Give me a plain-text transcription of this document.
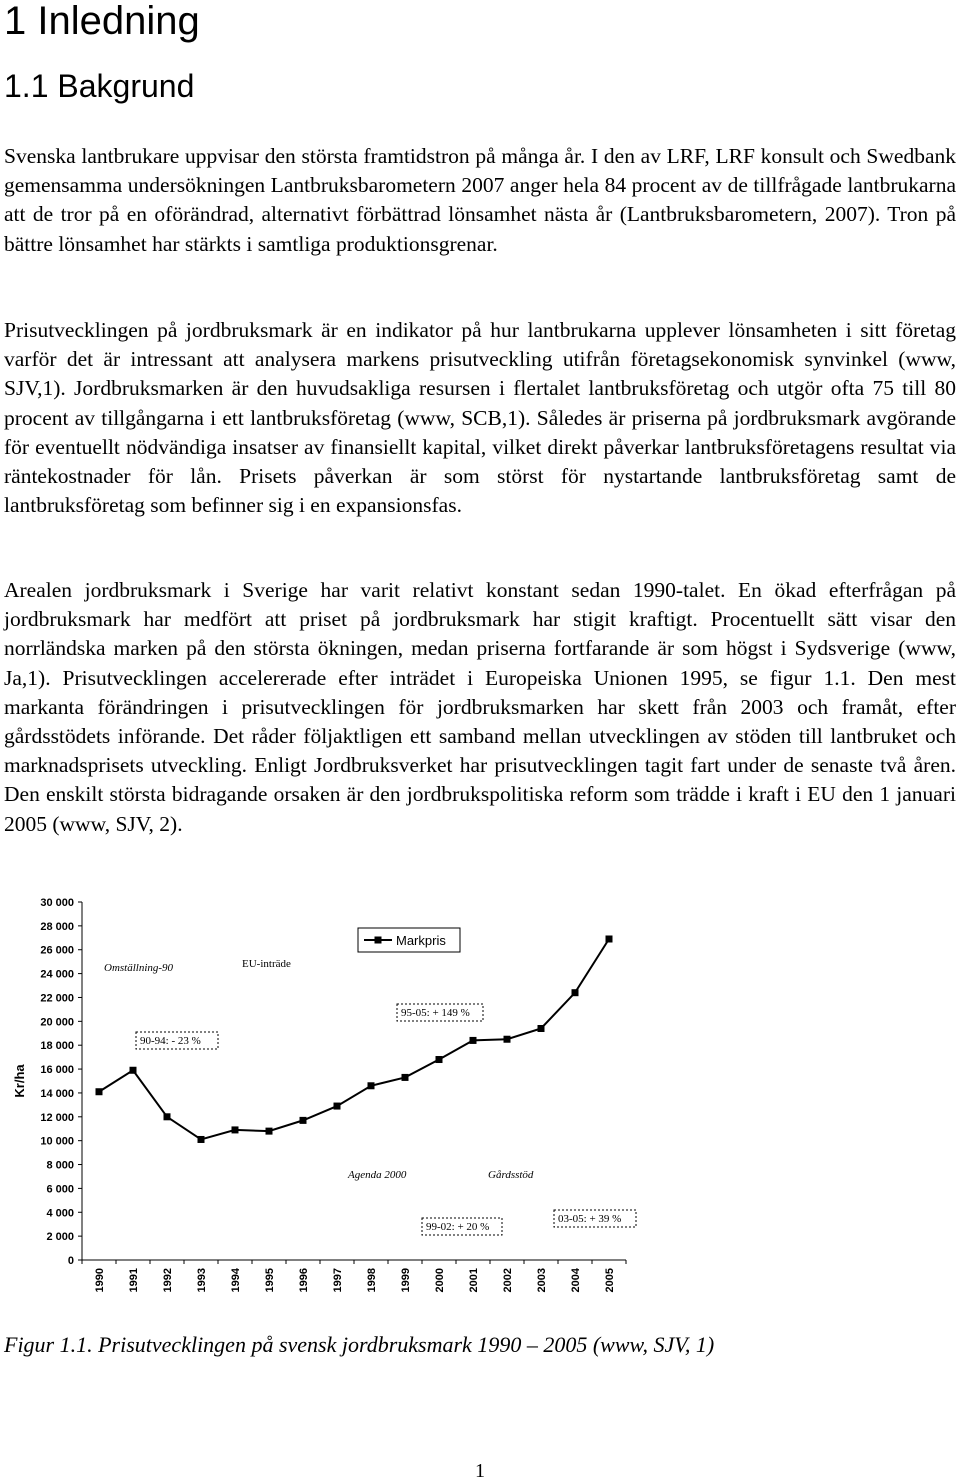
1 Inledning
1.1 Bakgrund

Svenska lantbrukare uppvisar den största framtidstron på många år. I den av LRF, LRF konsult och Swedbank gemensamma undersökningen Lantbruksbarometern 2007 anger hela 84 procent av de tillfrågade lantbrukarna att de tror på en oförändrad, alternativt förbättrad lönsamhet nästa år (Lantbruksbarometern, 2007). Tron på bättre lönsamhet har stärkts i samtliga produktionsgrenar.

Prisutvecklingen på jordbruksmark är en indikator på hur lantbrukarna upplever lönsamheten i sitt företag varför det är intressant att analysera markens prisutveckling utifrån företagsekonomisk synvinkel (www, SJV,1). Jordbruksmarken är den huvudsakliga resursen i flertalet lantbruksföretag och utgör ofta 75 till 80 procent av tillgångarna i ett lantbruksföretag (www, SCB,1). Således är priserna på jordbruksmark avgörande för eventuellt nödvändiga insatser av finansiellt kapital, vilket direkt påverkar lantbruksföretagens resultat via räntekostnader för lån. Prisets påverkan är som störst för nystartande lantbruksföretag samt de lantbruksföretag som befinner sig i en expansionsfas.

Arealen jordbruksmark i Sverige har varit relativt konstant sedan 1990-talet. En ökad efterfrågan på jordbruksmark har medfört att priset på jordbruksmark har stigit kraftigt. Procentuellt sätt visar den norrländska marken på den största ökningen, medan priserna fortfarande är som högst i Sydsverige (www, Ja,1). Prisutvecklingen accelererade efter inträdet i Europeiska Unionen 1995, se figur 1.1. Den mest markanta förändringen i prisutvecklingen för jordbruksmarken har skett från 2003 och framåt, efter gårdsstödets införande. Det råder följaktligen ett samband mellan utvecklingen av stöden till lantbruket och marknadsprisets utveckling. Enligt Jordbruksverket har prisutvecklingen tagit fart under de senaste två åren. Den enskilt största bidragande orsaken är den jordbrukspolitiska reform som trädde i kraft i EU den 1 januari 2005 (www, SJV, 2).

0
2 000
4 000
6 000
8 000
10 000
12 000
14 000
16 000
18 000
20 000
22 000
24 000
26 000
28 000
30 000
Kr/ha
1990 1991 1992 1993 1994 1995 1996 1997 1998 1999 2000 2001 2002 2003 2004 2005
Markpris
Omställning-90	EU-inträde
90-94: - 23 %
95-05: + 149 %
Agenda 2000	Gårdsstöd
99-02: + 20 %
03-05: + 39 %
Figur 1.1. Prisutvecklingen på svensk jordbruksmark 1990 – 2005 (www, SJV, 1)
1
